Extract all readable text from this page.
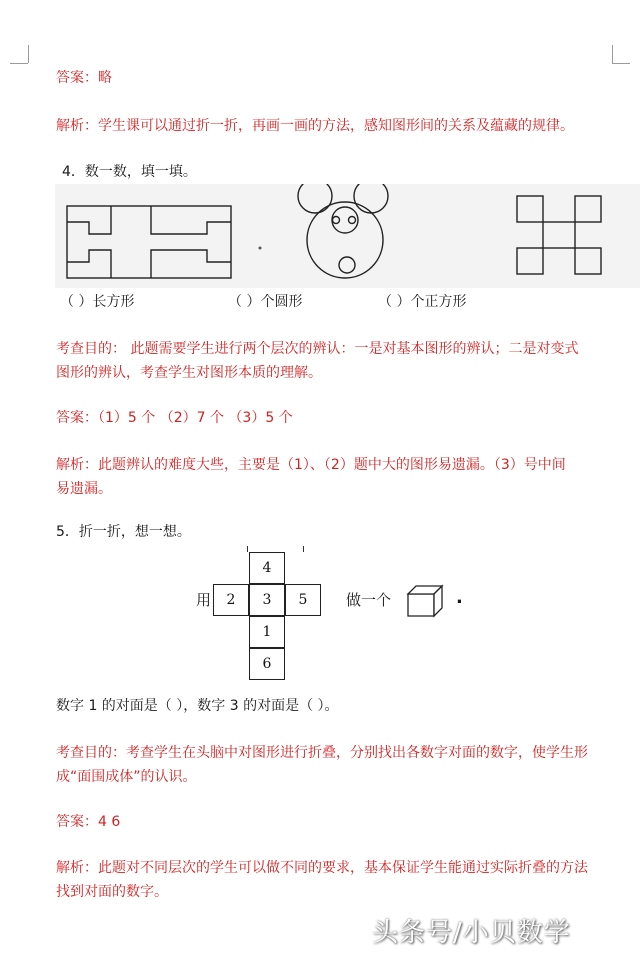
答案：略
解析：学生课可以通过折一折，再画一画的方法，感知图形间的关系及蕴藏的规律。
4．数一数，填一填。
（ ）长方形	（ ）个圆形	（ ）个正方形
考查目的： 此题需要学生进行两个层次的辨认：一是对基本图形的辨认；二是对变式
图形的辨认，考查学生对图形本质的理解。
答案：（1）5 个 （2）7 个 （3）5 个
解析：此题辨认的难度大些，主要是（1）、（2）题中大的图形易遗漏。（3）号中间
易遗漏。
5．折一折，想一想。
用
4
2	3	5
1
6
做一个	.
数字 1 的对面是（ ），数字 3 的对面是（ ）。
考查目的：考查学生在头脑中对图形进行折叠，分别找出各数字对面的数字，使学生形
成“面围成体”的认识。
答案：4 6
解析：此题对不同层次的学生可以做不同的要求，基本保证学生能通过实际折叠的方法
找到对面的数字。
头条号/小贝数学
